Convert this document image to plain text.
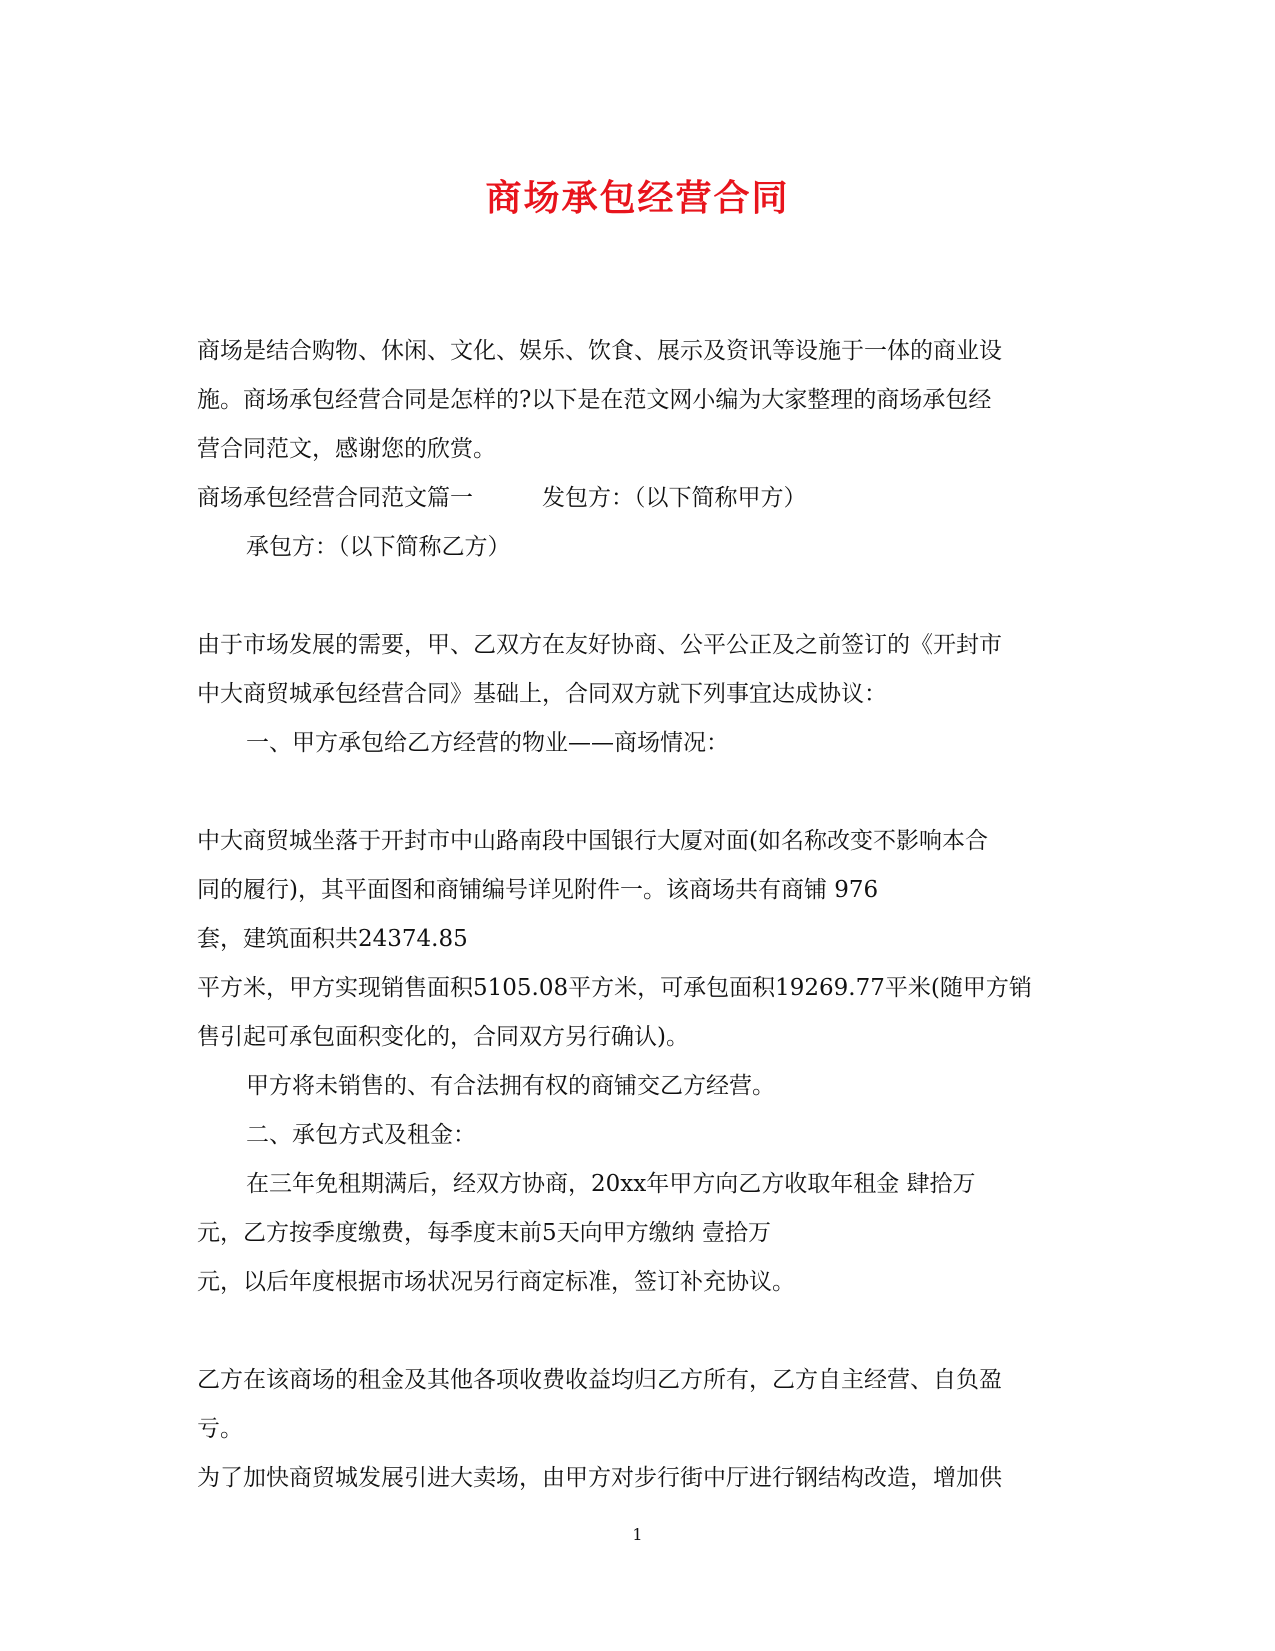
商场承包经营合同
商场是结合购物、休闲、文化、娱乐、饮食、展示及资讯等设施于一体的商业设
施。商场承包经营合同是怎样的?以下是在范文网小编为大家整理的商场承包经
营合同范文，感谢您的欣赏。
商场承包经营合同范文篇一　　　发包方：（以下简称甲方）
承包方：（以下简称乙方）
由于市场发展的需要，甲、乙双方在友好协商、公平公正及之前签订的《开封市
中大商贸城承包经营合同》基础上，合同双方就下列事宜达成协议：
一、甲方承包给乙方经营的物业——商场情况：
中大商贸城坐落于开封市中山路南段中国银行大厦对面(如名称改变不影响本合
同的履行)，其平面图和商铺编号详见附件一。该商场共有商铺 976
套，建筑面积共24374.85
平方米，甲方实现销售面积5105.08平方米，可承包面积19269.77平米(随甲方销
售引起可承包面积变化的，合同双方另行确认)。
甲方将未销售的、有合法拥有权的商铺交乙方经营。
二、承包方式及租金：
在三年免租期满后，经双方协商，20xx年甲方向乙方收取年租金 肆拾万
元，乙方按季度缴费，每季度末前5天向甲方缴纳 壹拾万
元，以后年度根据市场状况另行商定标准，签订补充协议。
乙方在该商场的租金及其他各项收费收益均归乙方所有，乙方自主经营、自负盈
亏。
为了加快商贸城发展引进大卖场，由甲方对步行街中厅进行钢结构改造，增加供
1
